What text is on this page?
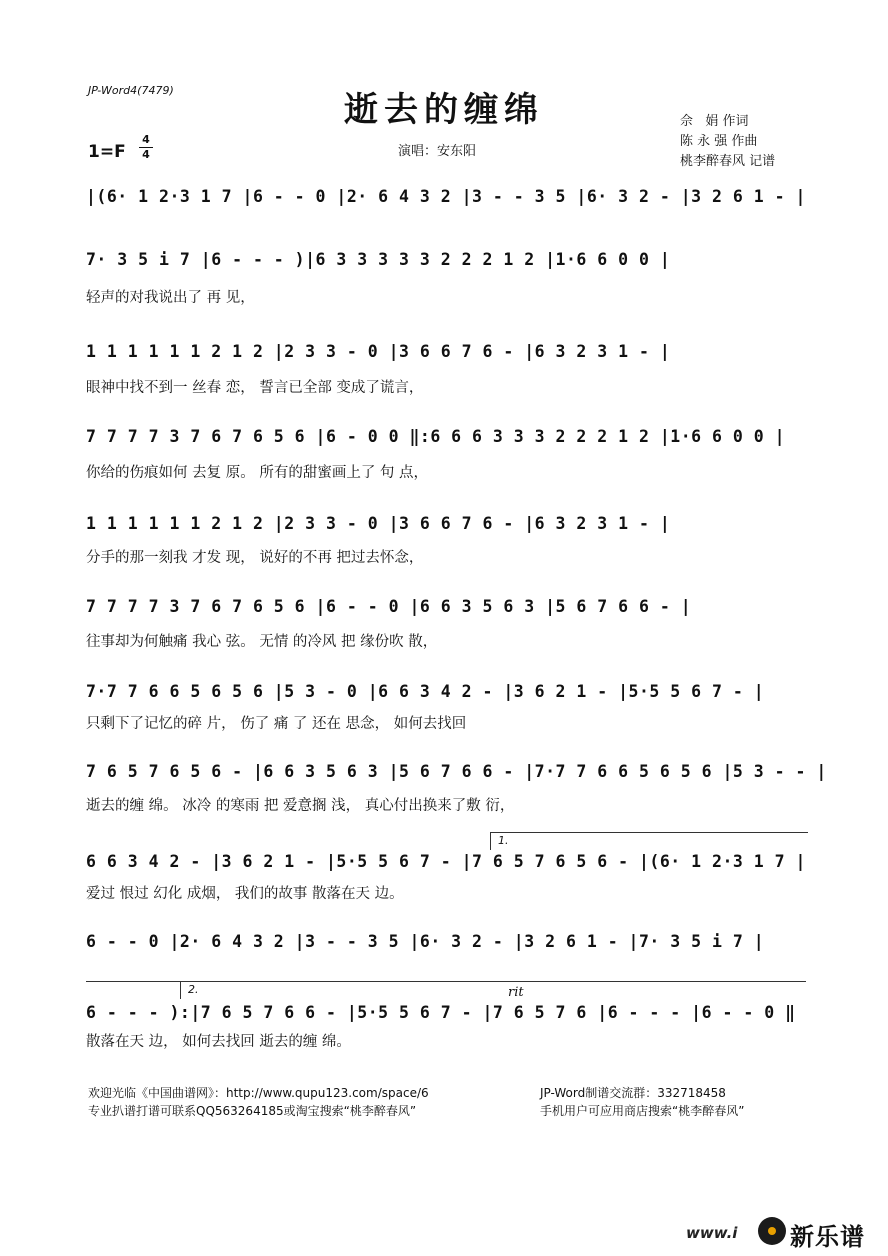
JP-Word4(7479)	逝去的缠绵
1=F
4
4	演唱：安东阳
佘   娟 作词
陈 永 强 作曲
桃李醉春风 记谱
|(6· 1 2·3 1 7 |6 - - 0 |2· 6 4 3 2 |3 - - 3 5 |6· 3 2 - |3 2 6 1 - |
7· 3 5 i 7 |6 - - - )|6 3 3 3 3 3 2 2 2 1 2 |1·6 6 0 0 |
轻声的对我说出了 再 见，
1 1 1 1 1 1 2 1 2 |2 3 3 - 0 |3 6 6 7 6 - |6 3 2 3 1 - |
眼神中找不到一 丝春 恋， 誓言已全部 变成了谎言，
7 7 7 7 3 7 6 7 6 5 6 |6 - 0 0 ‖:6 6 6 3 3 3 2 2 2 1 2 |1·6 6 0 0 |
你给的伤痕如何 去复 原。 所有的甜蜜画上了 句 点，
1 1 1 1 1 1 2 1 2 |2 3 3 - 0 |3 6 6 7 6 - |6 3 2 3 1 - |
分手的那一刻我 才发 现， 说好的不再 把过去怀念，
7 7 7 7 3 7 6 7 6 5 6 |6 - - 0 |6 6 3 5 6 3 |5 6 7 6 6 - |
往事却为何触痛 我心 弦。 无情 的冷风 把 缘份吹 散，
7·7 7 6 6 5 6 5 6 |5 3 - 0 |6 6 3 4 2 - |3 6 2 1 - |5·5 5 6 7 - |
只剩下了记忆的碎 片， 伤了 痛 了 还在 思念， 如何去找回
7 6 5 7 6 5 6 - |6 6 3 5 6 3 |5 6 7 6 6 - |7·7 7 6 6 5 6 5 6 |5 3 - - |
逝去的缠 绵。 冰冷 的寒雨 把 爱意搁 浅， 真心付出换来了敷 衍，
1.
6 6 3 4 2 - |3 6 2 1 - |5·5 5 6 7 - |7 6 5 7 6 5 6 - |(6· 1 2·3 1 7 |
爱过 恨过 幻化 成烟， 我们的故事 散落在天 边。
6 - - 0 |2· 6 4 3 2 |3 - - 3 5 |6· 3 2 - |3 2 6 1 - |7· 3 5 i 7 |
2.	rit
6 - - - ):|7 6 5 7 6 6 - |5·5 5 6 7 - |7 6 5 7 6 |6 - - - |6 - - 0 ‖
散落在天 边， 如何去找回 逝去的缠 绵。
欢迎光临《中国曲谱网》：http://www.qupu123.com/space/6
专业扒谱打谱可联系QQ563264185或淘宝搜索“桃李醉春风”
JP-Word制谱交流群：332718458
手机用户可应用商店搜索“桃李醉春风”
www.i 新乐谱
